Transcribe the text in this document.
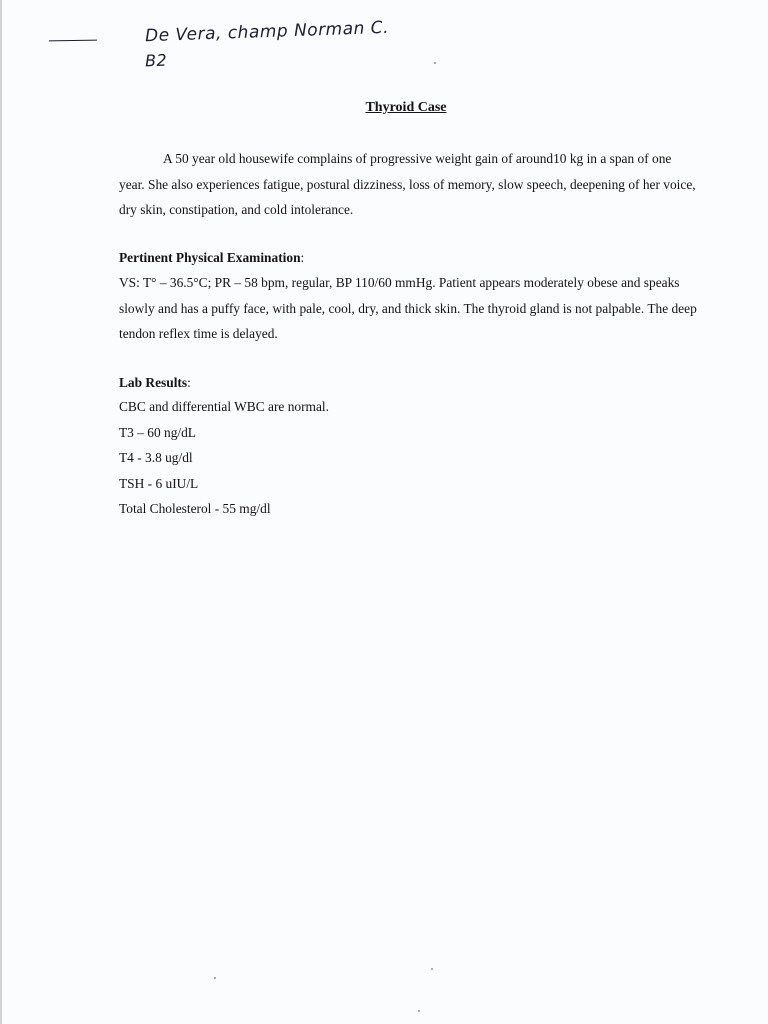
De Vera, champ Norman C.
B2
Thyroid Case
A 50 year old housewife complains of progressive weight gain of around10 kg in a span of one year. She also experiences fatigue, postural dizziness, loss of memory, slow speech, deepening of her voice, dry skin, constipation, and cold intolerance.
Pertinent Physical Examination:
VS: T° – 36.5°C; PR – 58 bpm, regular, BP 110/60 mmHg. Patient appears moderately obese and speaks slowly and has a puffy face, with pale, cool, dry, and thick skin. The thyroid gland is not palpable. The deep tendon reflex time is delayed.
Lab Results:
CBC and differential WBC are normal.
T3 – 60 ng/dL
T4 - 3.8 ug/dl
TSH - 6 uIU/L
Total Cholesterol - 55 mg/dl
